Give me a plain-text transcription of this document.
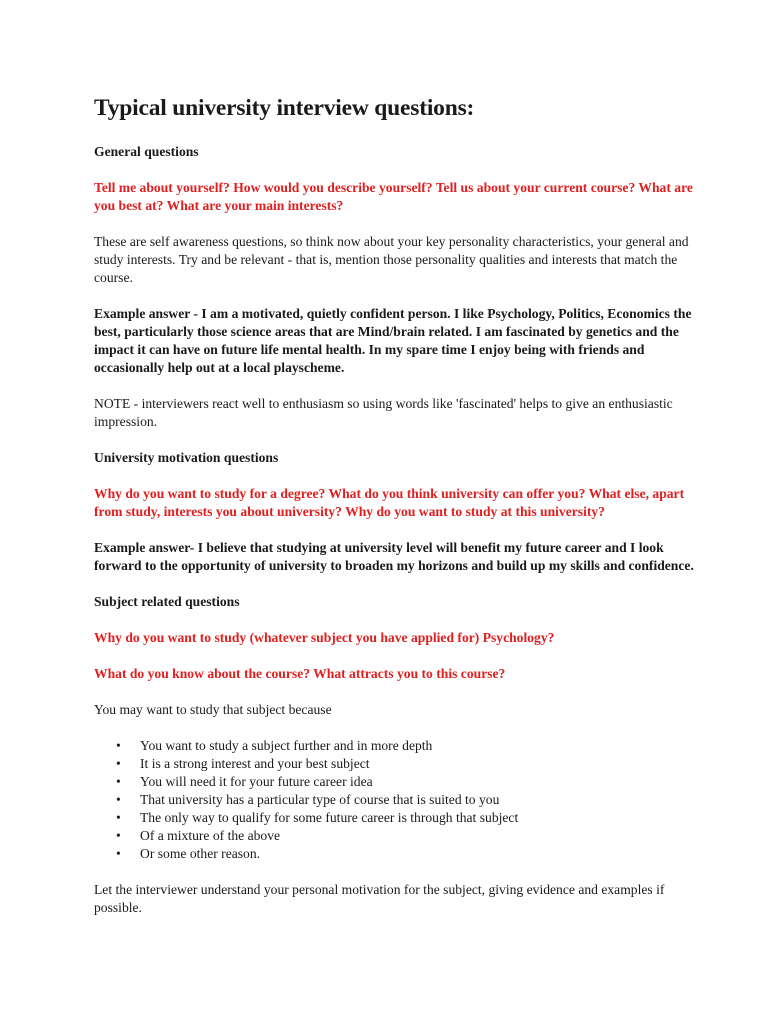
Typical university interview questions:

General questions

Tell me about yourself? How would you describe yourself? Tell us about your current course? What are you best at? What are your main interests?

These are self awareness questions, so think now about your key personality characteristics, your general and study interests. Try and be relevant - that is, mention those personality qualities and interests that match the course.

Example answer - I am a motivated, quietly confident person. I like Psychology, Politics, Economics the best, particularly those science areas that are Mind/brain related. I am fascinated by genetics and the impact it can have on future life mental health. In my spare time I enjoy being with friends and occasionally help out at a local playscheme.

NOTE - interviewers react well to enthusiasm so using words like 'fascinated' helps to give an enthusiastic impression.

University motivation questions

Why do you want to study for a degree? What do you think university can offer you? What else, apart from study, interests you about university? Why do you want to study at this university?

Example answer- I believe that studying at university level will benefit my future career and I look forward to the opportunity of university to broaden my horizons and build up my skills and confidence.

Subject related questions

Why do you want to study (whatever subject you have applied for) Psychology?

What do you know about the course? What attracts you to this course?

You may want to study that subject because

• You want to study a subject further and in more depth
• It is a strong interest and your best subject
• You will need it for your future career idea
• That university has a particular type of course that is suited to you
• The only way to qualify for some future career is through that subject
• Of a mixture of the above
• Or some other reason.

Let the interviewer understand your personal motivation for the subject, giving evidence and examples if possible.
